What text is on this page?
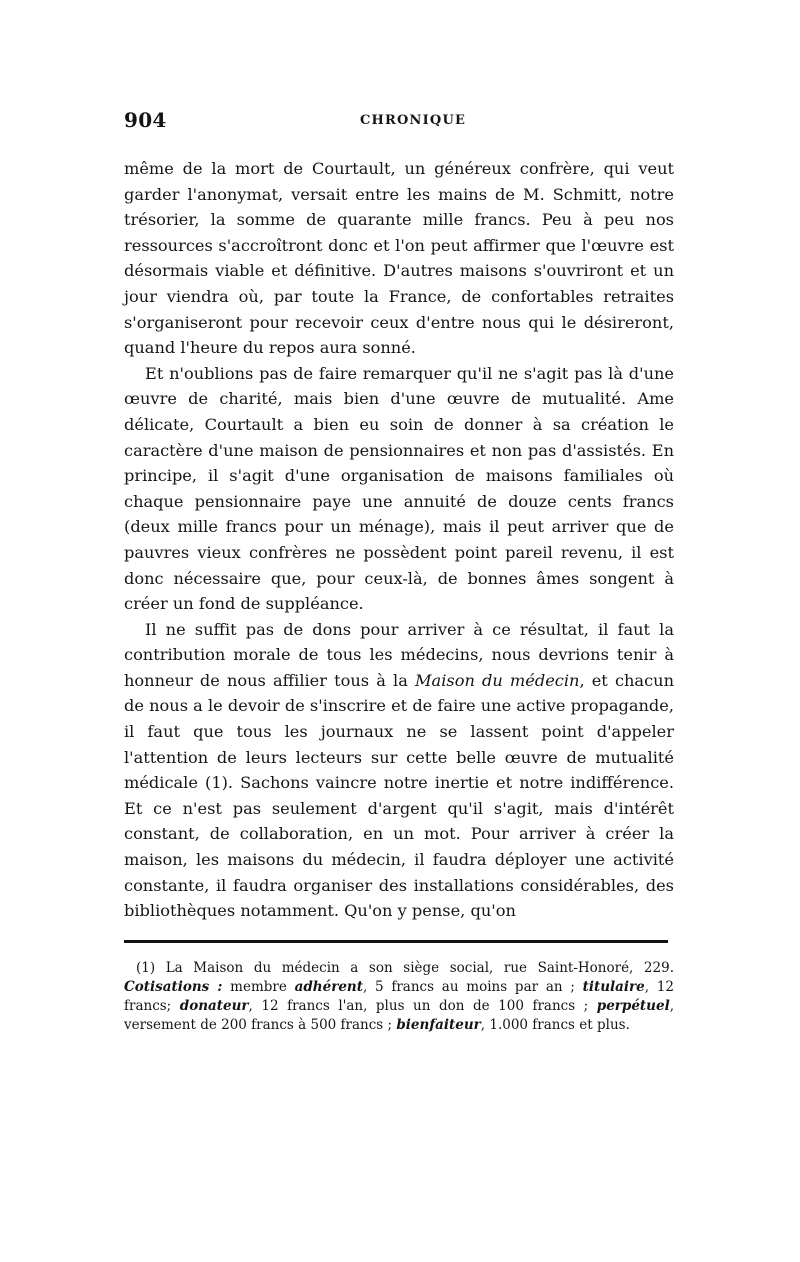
904	CHRONIQUE

même de la mort de Courtault, un généreux confrère, qui veut garder l'anonymat, versait entre les mains de M. Schmitt, notre trésorier, la somme de quarante mille francs. Peu à peu nos ressources s'accroîtront donc et l'on peut affirmer que l'œuvre est désormais viable et définitive. D'autres maisons s'ouvriront et un jour viendra où, par toute la France, de confortables retraites s'organiseront pour recevoir ceux d'entre nous qui le désireront, quand l'heure du repos aura sonné.

Et n'oublions pas de faire remarquer qu'il ne s'agit pas là d'une œuvre de charité, mais bien d'une œuvre de mutualité. Ame délicate, Courtault a bien eu soin de donner à sa création le caractère d'une maison de pensionnaires et non pas d'assistés. En principe, il s'agit d'une organisation de maisons familiales où chaque pensionnaire paye une annuité de douze cents francs (deux mille francs pour un ménage), mais il peut arriver que de pauvres vieux confrères ne possèdent point pareil revenu, il est donc nécessaire que, pour ceux-là, de bonnes âmes songent à créer un fond de suppléance.

Il ne suffit pas de dons pour arriver à ce résultat, il faut la contribution morale de tous les médecins, nous devrions tenir à honneur de nous affilier tous à la Maison du médecin, et chacun de nous a le devoir de s'inscrire et de faire une active propagande, il faut que tous les journaux ne se lassent point d'appeler l'attention de leurs lecteurs sur cette belle œuvre de mutualité médicale (1). Sachons vaincre notre inertie et notre indifférence. Et ce n'est pas seulement d'argent qu'il s'agit, mais d'intérêt constant, de collaboration, en un mot. Pour arriver à créer la maison, les maisons du médecin, il faudra déployer une activité constante, il faudra organiser des installations considérables, des bibliothèques notamment. Qu'on y pense, qu'on

(1) La Maison du médecin a son siège social, rue Saint-Honoré, 229. Cotisations : membre adhérent, 5 francs au moins par an ; titulaire, 12 francs; donateur, 12 francs l'an, plus un don de 100 francs ; perpétuel, versement de 200 francs à 500 francs ; bienfaiteur, 1.000 francs et plus.
